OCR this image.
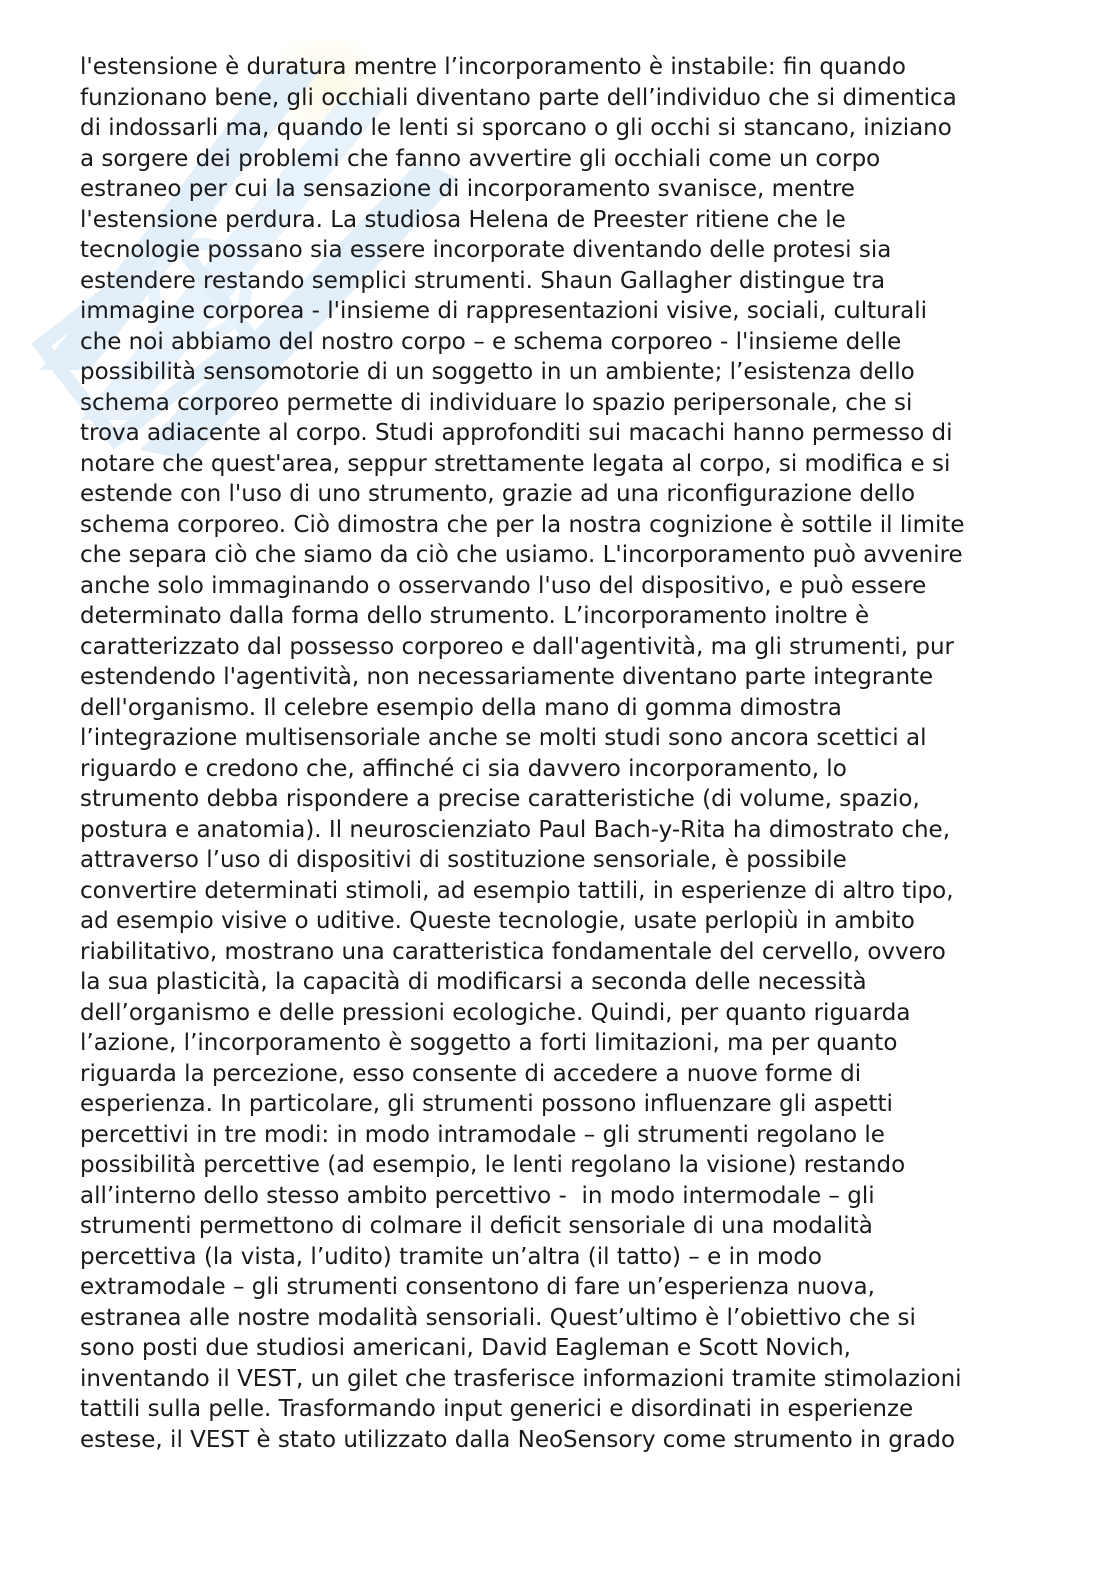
l'estensione è duratura mentre l’incorporamento è instabile: fin quando
funzionano bene, gli occhiali diventano parte dell’individuo che si dimentica
di indossarli ma, quando le lenti si sporcano o gli occhi si stancano, iniziano
a sorgere dei problemi che fanno avvertire gli occhiali come un corpo
estraneo per cui la sensazione di incorporamento svanisce, mentre
l'estensione perdura. La studiosa Helena de Preester ritiene che le
tecnologie possano sia essere incorporate diventando delle protesi sia
estendere restando semplici strumenti. Shaun Gallagher distingue tra
immagine corporea - l'insieme di rappresentazioni visive, sociali, culturali
che noi abbiamo del nostro corpo – e schema corporeo - l'insieme delle
possibilità sensomotorie di un soggetto in un ambiente; l’esistenza dello
schema corporeo permette di individuare lo spazio peripersonale, che si
trova adiacente al corpo. Studi approfonditi sui macachi hanno permesso di
notare che quest'area, seppur strettamente legata al corpo, si modifica e si
estende con l'uso di uno strumento, grazie ad una riconfigurazione dello
schema corporeo. Ciò dimostra che per la nostra cognizione è sottile il limite
che separa ciò che siamo da ciò che usiamo. L'incorporamento può avvenire
anche solo immaginando o osservando l'uso del dispositivo, e può essere
determinato dalla forma dello strumento. L’incorporamento inoltre è
caratterizzato dal possesso corporeo e dall'agentività, ma gli strumenti, pur
estendendo l'agentività, non necessariamente diventano parte integrante
dell'organismo. Il celebre esempio della mano di gomma dimostra
l’integrazione multisensoriale anche se molti studi sono ancora scettici al
riguardo e credono che, affinché ci sia davvero incorporamento, lo
strumento debba rispondere a precise caratteristiche (di volume, spazio,
postura e anatomia). Il neuroscienziato Paul Bach-y-Rita ha dimostrato che,
attraverso l’uso di dispositivi di sostituzione sensoriale, è possibile
convertire determinati stimoli, ad esempio tattili, in esperienze di altro tipo,
ad esempio visive o uditive. Queste tecnologie, usate perlopiù in ambito
riabilitativo, mostrano una caratteristica fondamentale del cervello, ovvero
la sua plasticità, la capacità di modificarsi a seconda delle necessità
dell’organismo e delle pressioni ecologiche. Quindi, per quanto riguarda
l’azione, l’incorporamento è soggetto a forti limitazioni, ma per quanto
riguarda la percezione, esso consente di accedere a nuove forme di
esperienza. In particolare, gli strumenti possono influenzare gli aspetti
percettivi in tre modi: in modo intramodale – gli strumenti regolano le
possibilità percettive (ad esempio, le lenti regolano la visione) restando
all’interno dello stesso ambito percettivo -  in modo intermodale – gli
strumenti permettono di colmare il deficit sensoriale di una modalità
percettiva (la vista, l’udito) tramite un’altra (il tatto) – e in modo
extramodale – gli strumenti consentono di fare un’esperienza nuova,
estranea alle nostre modalità sensoriali. Quest’ultimo è l’obiettivo che si
sono posti due studiosi americani, David Eagleman e Scott Novich,
inventando il VEST, un gilet che trasferisce informazioni tramite stimolazioni
tattili sulla pelle. Trasformando input generici e disordinati in esperienze
estese, il VEST è stato utilizzato dalla NeoSensory come strumento in grado
